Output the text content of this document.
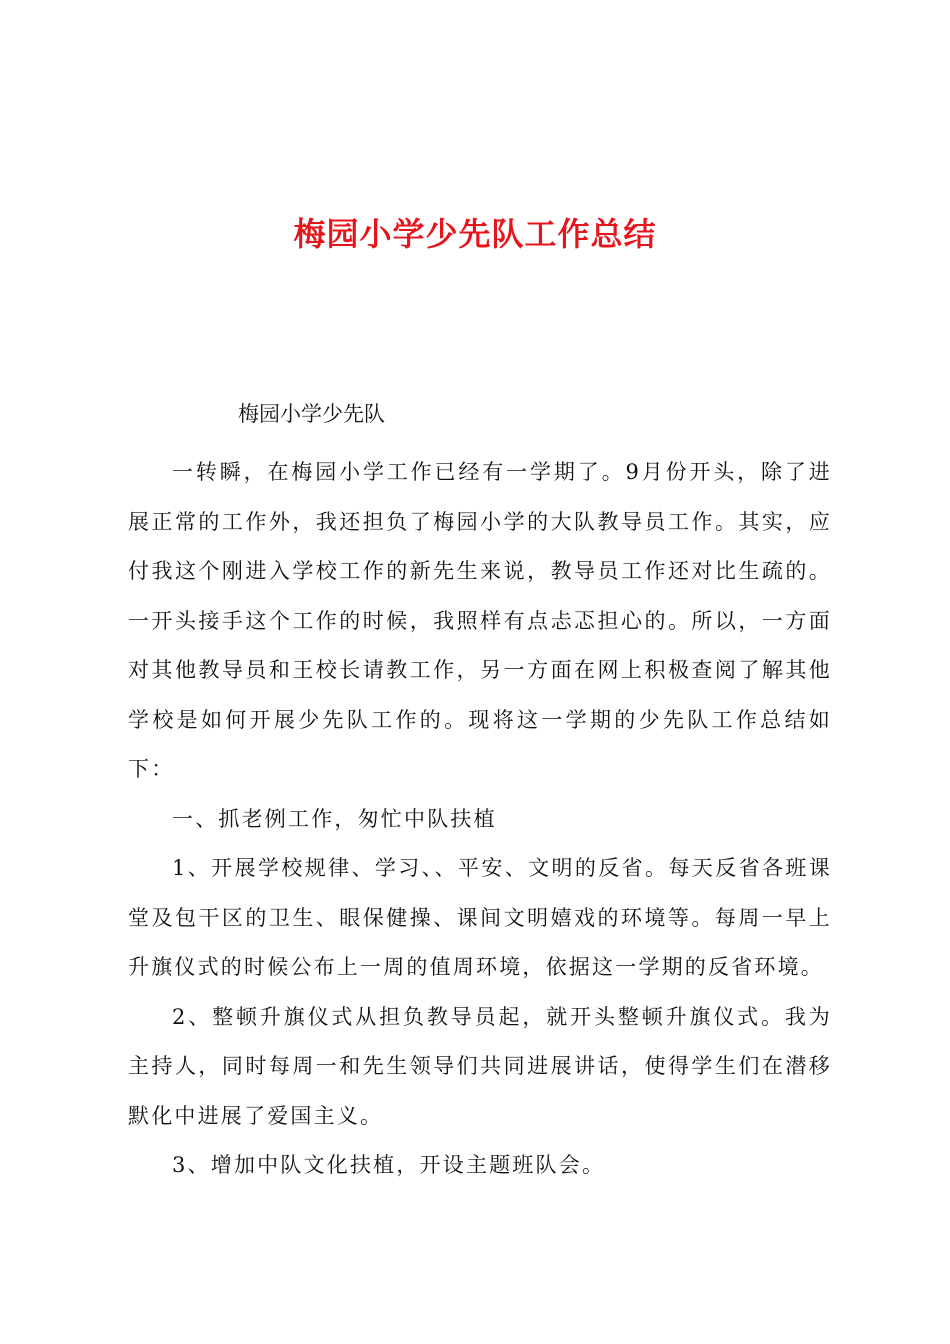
梅园小学少先队工作总结

梅园小学少先队

一转瞬，在梅园小学工作已经有一学期了。9月份开头，除了进展正常的工作外，我还担负了梅园小学的大队教导员工作。其实，应付我这个刚进入学校工作的新先生来说，教导员工作还对比生疏的。一开头接手这个工作的时候，我照样有点忐忑担心的。所以，一方面对其他教导员和王校长请教工作，另一方面在网上积极查阅了解其他学校是如何开展少先队工作的。现将这一学期的少先队工作总结如下：

一、抓老例工作，匆忙中队扶植

1、开展学校规律、学习、、平安、文明的反省。每天反省各班课堂及包干区的卫生、眼保健操、课间文明嬉戏的环境等。每周一早上升旗仪式的时候公布上一周的值周环境，依据这一学期的反省环境。

2、整顿升旗仪式从担负教导员起，就开头整顿升旗仪式。我为主持人，同时每周一和先生领导们共同进展讲话，使得学生们在潜移默化中进展了爱国主义。

3、增加中队文化扶植，开设主题班队会。
